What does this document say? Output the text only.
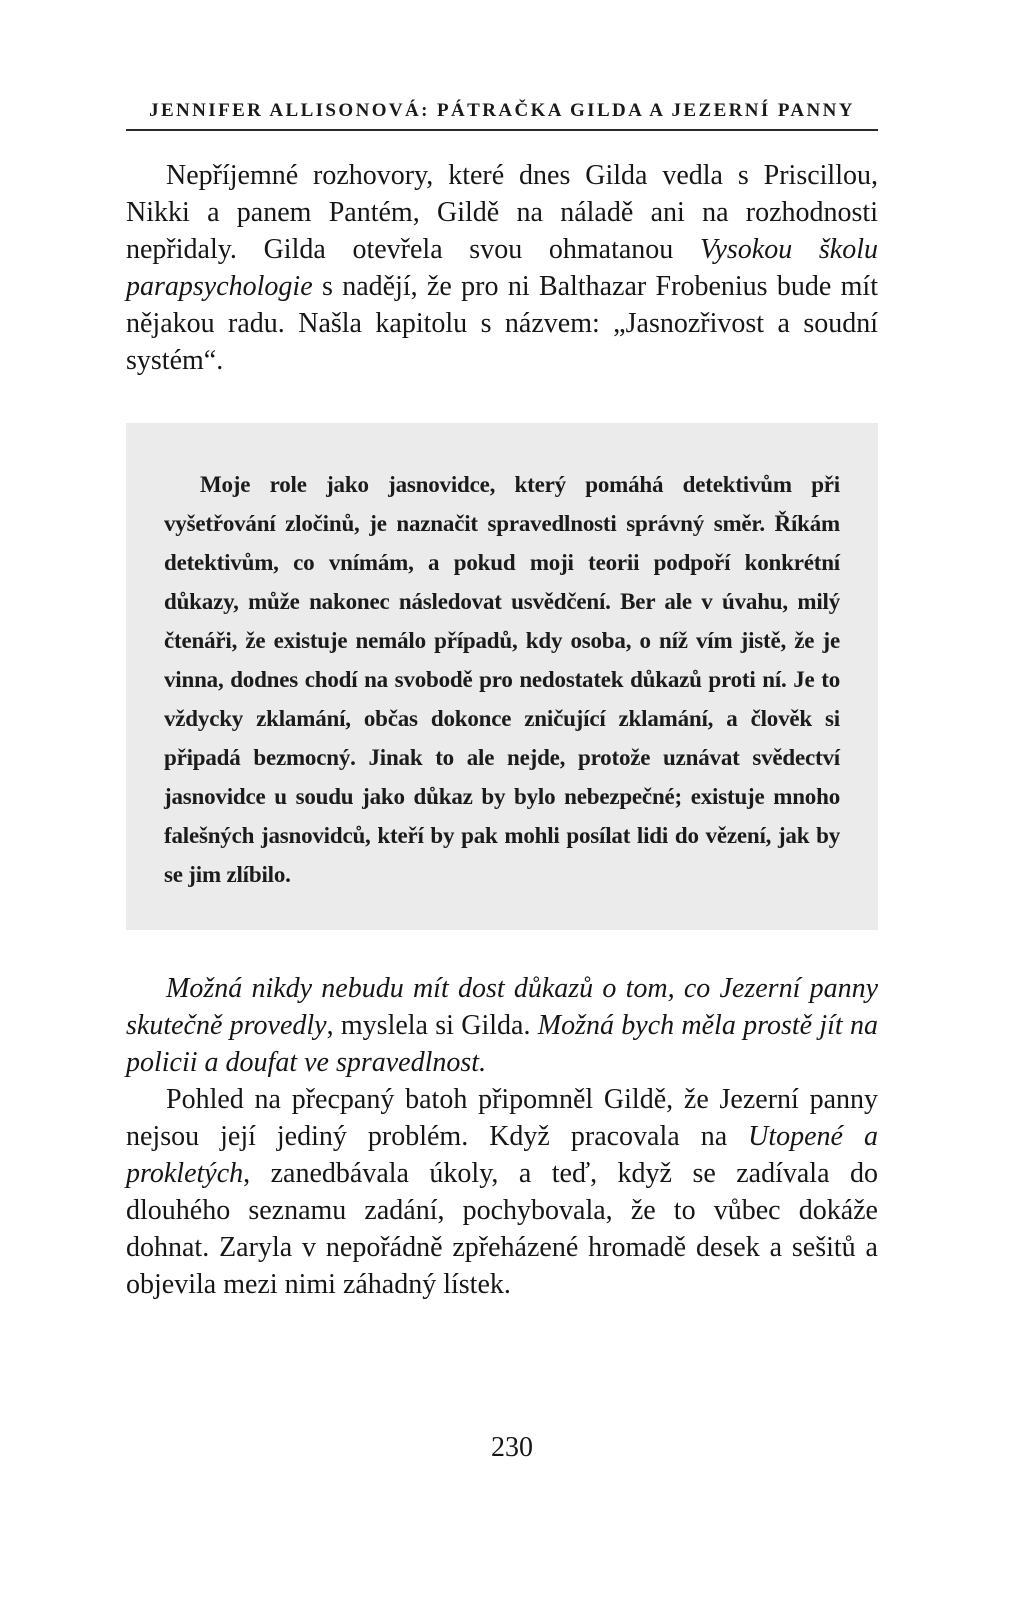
JENNIFER ALLISONOVÁ: PÁTRAČKA GILDA A JEZERNÍ PANNY

Nepříjemné rozhovory, které dnes Gilda vedla s Priscillou, Nikki a panem Pantém, Gildě na náladě ani na rozhodnosti nepřidaly. Gilda otevřela svou ohmatanou Vysokou školu parapsychologie s nadějí, že pro ni Balthazar Frobenius bude mít nějakou radu. Našla kapitolu s názvem: „Jasnozřivost a soudní systém“.

Moje role jako jasnovidce, který pomáhá detektivům při vyšetřování zločinů, je naznačit spravedlnosti správný směr. Říkám detektivům, co vnímám, a pokud moji teorii podpoří konkrétní důkazy, může nakonec následovat usvědčení. Ber ale v úvahu, milý čtenáři, že existuje nemálo případů, kdy osoba, o níž vím jistě, že je vinna, dodnes chodí na svobodě pro nedostatek důkazů proti ní. Je to vždycky zklamání, občas dokonce zničující zklamání, a člověk si připadá bezmocný. Jinak to ale nejde, protože uznávat svědectví jasnovidce u soudu jako důkaz by bylo nebezpečné; existuje mnoho falešných jasnovidců, kteří by pak mohli posílat lidi do vězení, jak by se jim zlíbilo.

Možná nikdy nebudu mít dost důkazů o tom, co Jezerní panny skutečně provedly, myslela si Gilda. Možná bych měla prostě jít na policii a doufat ve spravedlnost.

Pohled na přecpaný batoh připomněl Gildě, že Jezerní panny nejsou její jediný problém. Když pracovala na Utopené a prokletých, zanedbávala úkoly, a teď, když se zadívala do dlouhého seznamu zadání, pochybovala, že to vůbec dokáže dohnat. Zaryla v nepořádně zpřeházené hromadě desek a sešitů a objevila mezi nimi záhadný lístek.

230
